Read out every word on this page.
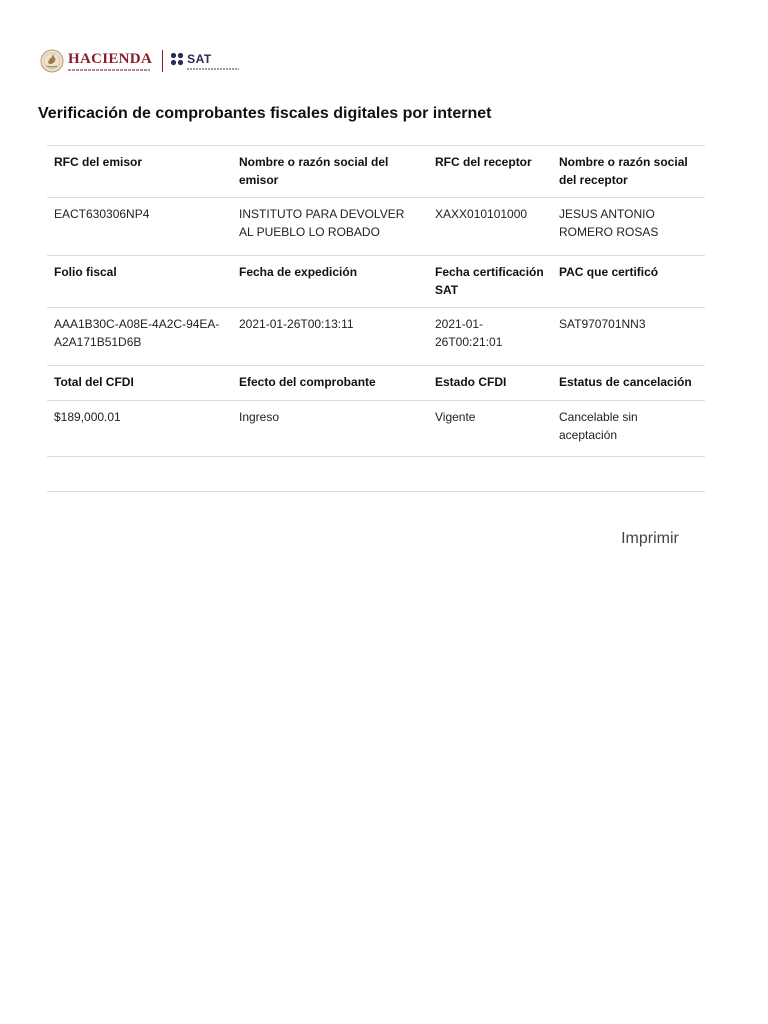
HACIENDA	SAT
Verificación de comprobantes fiscales digitales por internet
RFC del emisor	Nombre o razón social del emisor	RFC del receptor	Nombre o razón social del receptor
EACT630306NP4	INSTITUTO PARA DEVOLVER AL PUEBLO LO ROBADO	XAXX010101000	JESUS ANTONIO ROMERO ROSAS
Folio fiscal	Fecha de expedición	Fecha certificación SAT	PAC que certificó
AAA1B30C-A08E-4A2C-94EA-A2A171B51D6B	2021-01-26T00:13:11	2021-01-26T00:21:01	SAT970701NN3
Total del CFDI	Efecto del comprobante	Estado CFDI	Estatus de cancelación
$189,000.01	Ingreso	Vigente	Cancelable sin aceptación

Imprimir
